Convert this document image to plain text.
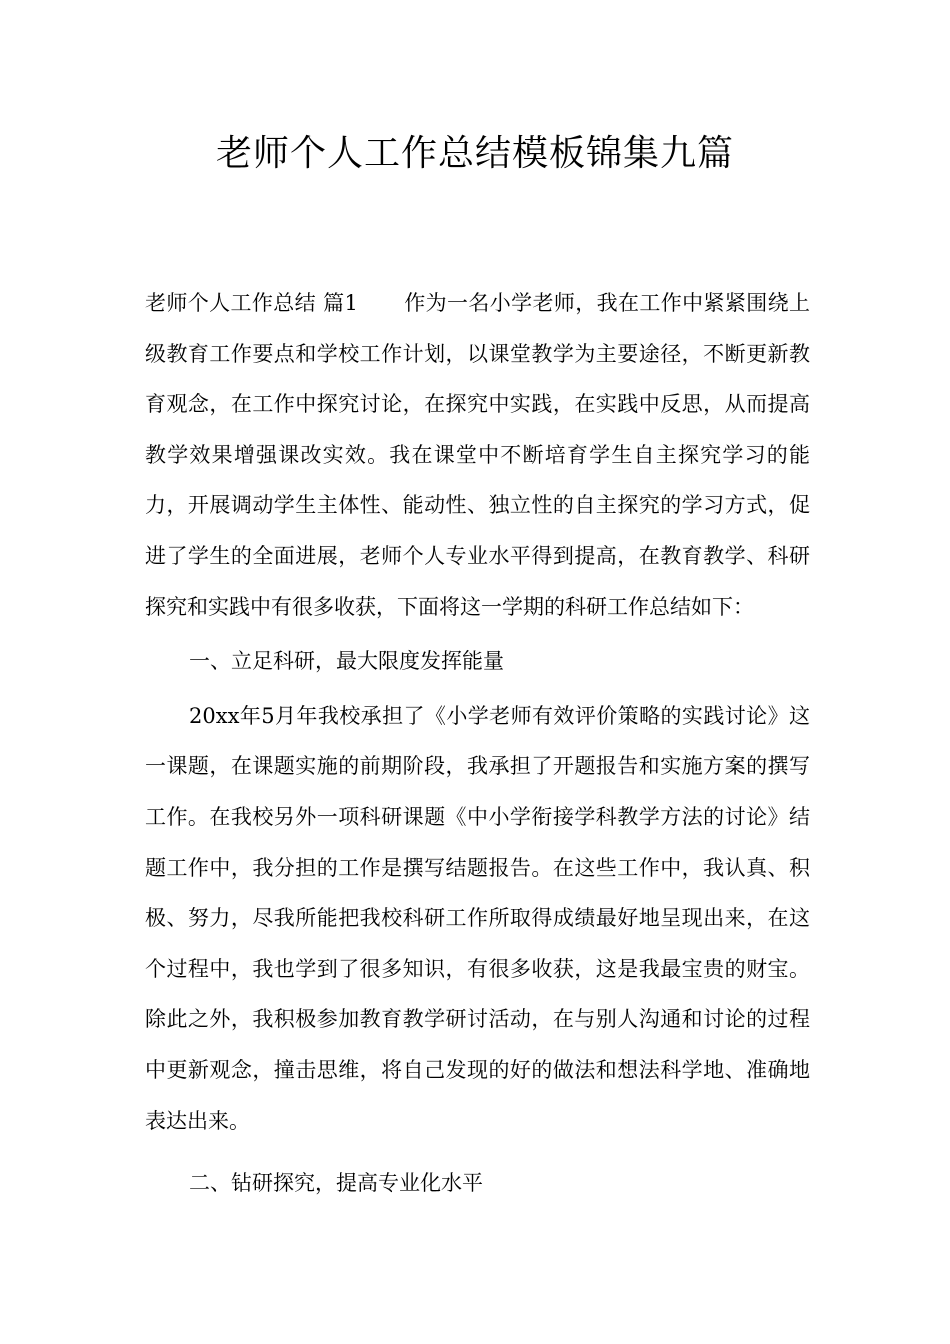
老师个人工作总结模板锦集九篇

老师个人工作总结 篇1 作为一名小学老师，我在工作中紧紧围绕上级教育工作要点和学校工作计划，以课堂教学为主要途径，不断更新教育观念，在工作中探究讨论，在探究中实践，在实践中反思，从而提高教学效果增强课改实效。我在课堂中不断培育学生自主探究学习的能力，开展调动学生主体性、能动性、独立性的自主探究的学习方式，促进了学生的全面进展，老师个人专业水平得到提高，在教育教学、科研探究和实践中有很多收获，下面将这一学期的科研工作总结如下：

一、立足科研，最大限度发挥能量

20xx年5月年我校承担了《小学老师有效评价策略的实践讨论》这一课题，在课题实施的前期阶段，我承担了开题报告和实施方案的撰写工作。在我校另外一项科研课题《中小学衔接学科教学方法的讨论》结题工作中，我分担的工作是撰写结题报告。在这些工作中，我认真、积极、努力，尽我所能把我校科研工作所取得成绩最好地呈现出来，在这个过程中，我也学到了很多知识，有很多收获，这是我最宝贵的财宝。除此之外，我积极参加教育教学研讨活动，在与别人沟通和讨论的过程中更新观念，撞击思维，将自己发现的好的做法和想法科学地、准确地表达出来。

二、钻研探究，提高专业化水平
